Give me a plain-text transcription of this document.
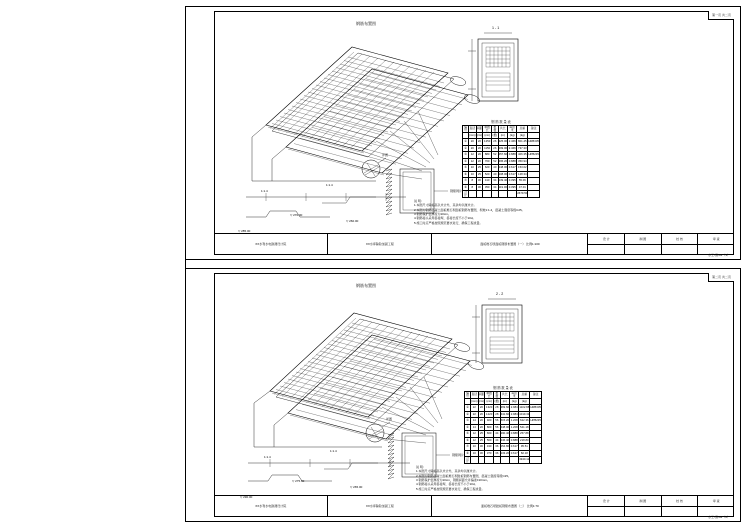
第一页 共二页
钢筋布置图
详图
钢筋网片
1 - 1
钢 筋 数 量 表
编号	直径	间距	单根长	根数	共长	每延米	总重	备注
	(mm)	(cm)	(cm)	(根)	(m)	(kg)	(kg)	
①	20	20	1250	26	325.00	2.466	801.45	HRB335
②	20	20	1150	26	299.00	2.466	737.33	
③	12	20	880	52	457.60	0.888	406.35	HPB235
④	12	20	760	52	395.20	0.888	350.94	
⑤	10	25	620	40	248.00	0.617	153.02	
⑥	10	25	520	40	208.00	0.617	128.34	
⑦	8	30	410	34	139.40	0.395	55.06	
⑧	8	30	350	34	119.00	0.395	47.01	
合计							2679.50	
说 明：
1.本图尺寸除标高以米计外，其余均以厘米计。
2.本图为钢筋混凝土面板堆石坝面板钢筋布置图，坝坡1:1.4，混凝土强度等级C25。
3.钢筋保护层厚度为10cm。
4.钢筋接头采用搭接焊，搭接长度不小于10d。
5.施工时应严格按照规范要求进行，确保工程质量。
1:1.4
1:1.4
▽ 285.00
▽ 270.00
▽ 260.00
XX水利水电勘测设计院	XX水库除险加固工程	面板堆石坝面板钢筋布置图（一） 比例1:100
设 计	制 图	校 核	审 查
水工-施-01（1）
第二页 共二页
钢筋布置图
详图
钢筋网片
2 - 2
钢 筋 数 量 表
编号	直径	间距	单根长	根数	共长	每延米	总重	备注
	(mm)	(cm)	(cm)	(根)	(m)	(kg)	(kg)	
①	22	20	1320	28	369.60	2.984	1102.88	HRB335
②	22	20	1220	28	341.60	2.984	1019.33	
③	14	20	920	56	515.20	1.208	622.36	HPB235
④	14	20	800	56	448.00	1.208	541.18	
⑤	12	25	660	44	290.40	0.888	257.88	
⑥	12	25	560	44	246.40	0.888	218.80	
⑦	10	30	430	36	154.80	0.617	95.51	
⑧	10	30	370	36	133.20	0.617	82.18	
合计							3940.12	
说 明：
1.本图尺寸除标高以米计外，其余均以厘米计。
2.本图为钢筋混凝土面板堆石坝趾板钢筋布置图，混凝土强度等级C25。
3.钢筋保护层厚度为10cm，钢筋间距允许偏差±10mm。
4.钢筋接头采用搭接焊，搭接长度不小于10d。
5.施工时应严格按照规范要求进行，确保工程质量。
1:1.4
1:1.4
▽ 290.00
▽ 275.00
▽ 265.00
XX水利水电勘测设计院	XX水库除险加固工程	面板堆石坝趾板钢筋布置图（二） 比例1:70
设 计	制 图	校 核	审 查
水工-施-02（2）
